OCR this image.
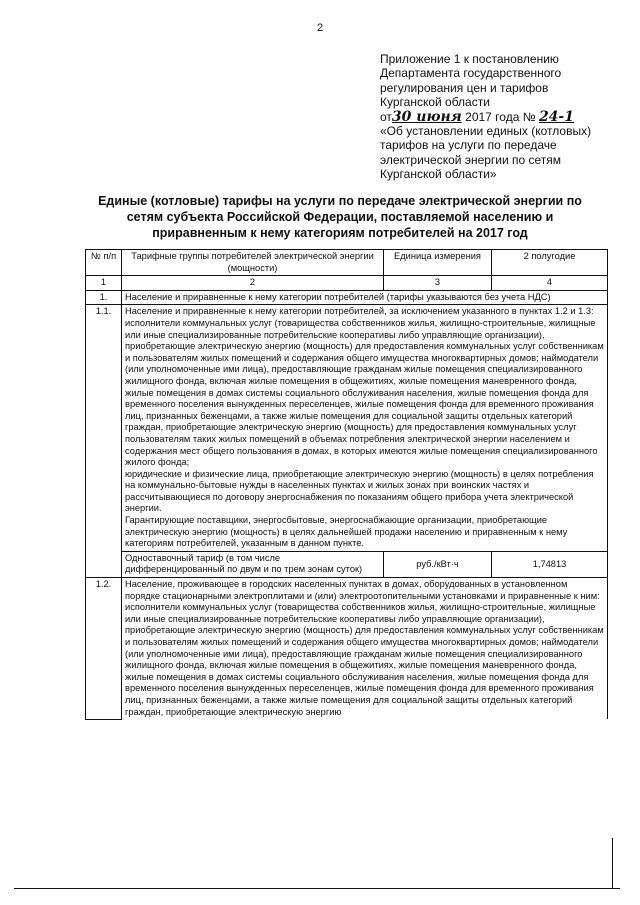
2
Приложение 1 к постановлению
Департамента государственного
регулирования цен и тарифов
Курганской области
от30 июня 2017 года № 24-1
«Об установлении единых (котловых)
тарифов на услуги по передаче
электрической энергии по сетям
Курганской области»
Единые (котловые) тарифы на услуги по передаче электрической энергии по
сетям субъекта Российской Федерации, поставляемой населению и
приравненным к нему категориям потребителей на 2017 год
№ п/п	Тарифные группы потребителей электрической энергии (мощности)	Единица измерения	2 полугодие
1	2	3	4
1.	Население и приравненные к нему категории потребителей (тарифы указываются без учета НДС)		
1.1.	Население и приравненные к нему категории потребителей, за исключением указанного в пунктах 1.2 и 1.3:
исполнители коммунальных услуг (товарищества собственников жилья, жилищно-строительные, жилищные или иные специализированные потребительские кооперативы либо управляющие организации), приобретающие электрическую энергию (мощность) для предоставления коммунальных услуг собственникам и пользователям жилых помещений и содержания общего имущества многоквартирных домов; наймодатели (или уполномоченные ими лица), предоставляющие гражданам жилые помещения специализированного жилищного фонда, включая жилые помещения в общежитиях, жилые помещения маневренного фонда, жилые помещения в домах системы социального обслуживания населения, жилые помещения фонда для временного поселения вынужденных переселенцев, жилые помещения фонда для временного проживания лиц, признанных беженцами, а также жилые помещения для социальной защиты отдельных категорий граждан, приобретающие электрическую энергию (мощность) для предоставления коммунальных услуг пользователям таких жилых помещений в объемах потребления электрической энергии населением и содержания мест общего пользования в домах, в которых имеются жилые помещения специализированного жилого фонда;
юридические и физические лица, приобретающие электрическую энергию (мощность) в целях потребления на коммунально-бытовые нужды в населенных пунктах и жилых зонах при воинских частях и рассчитывающиеся по договору энергоснабжения по показаниям общего прибора учета электрической энергии.
Гарантирующие поставщики, энергосбытовые, энергоснабжающие организации, приобретающие электрическую энергию (мощность) в целях дальнейшей продажи населению и приравненным к нему категориям потребителей, указанным в данном пункте.		

	Одноставочный тариф (в том числе дифференцированный по двум и по трем зонам суток)	руб./кВт·ч	1,74813
1.2.	Население, проживающее в городских населенных пунктах в домах, оборудованных в установленном порядке стационарными электроплитами и (или) электроотопительными установками и приравненные к ним:
исполнители коммунальных услуг (товарищества собственников жилья, жилищно-строительные, жилищные или иные специализированные потребительские кооперативы либо управляющие организации), приобретающие электрическую энергию (мощность) для предоставления коммунальных услуг собственникам и пользователям жилых помещений и содержания общего имущества многоквартирных домов; наймодатели (или уполномоченные ими лица), предоставляющие гражданам жилые помещения специализированного жилищного фонда, включая жилые помещения в общежитиях, жилые помещения маневренного фонда, жилые помещения в домах системы социального обслуживания населения, жилые помещения фонда для временного поселения вынужденных переселенцев, жилые помещения фонда для временного проживания лиц, признанных беженцами, а также жилые помещения для социальной защиты отдельных категорий граждан, приобретающие электрическую энергию		
